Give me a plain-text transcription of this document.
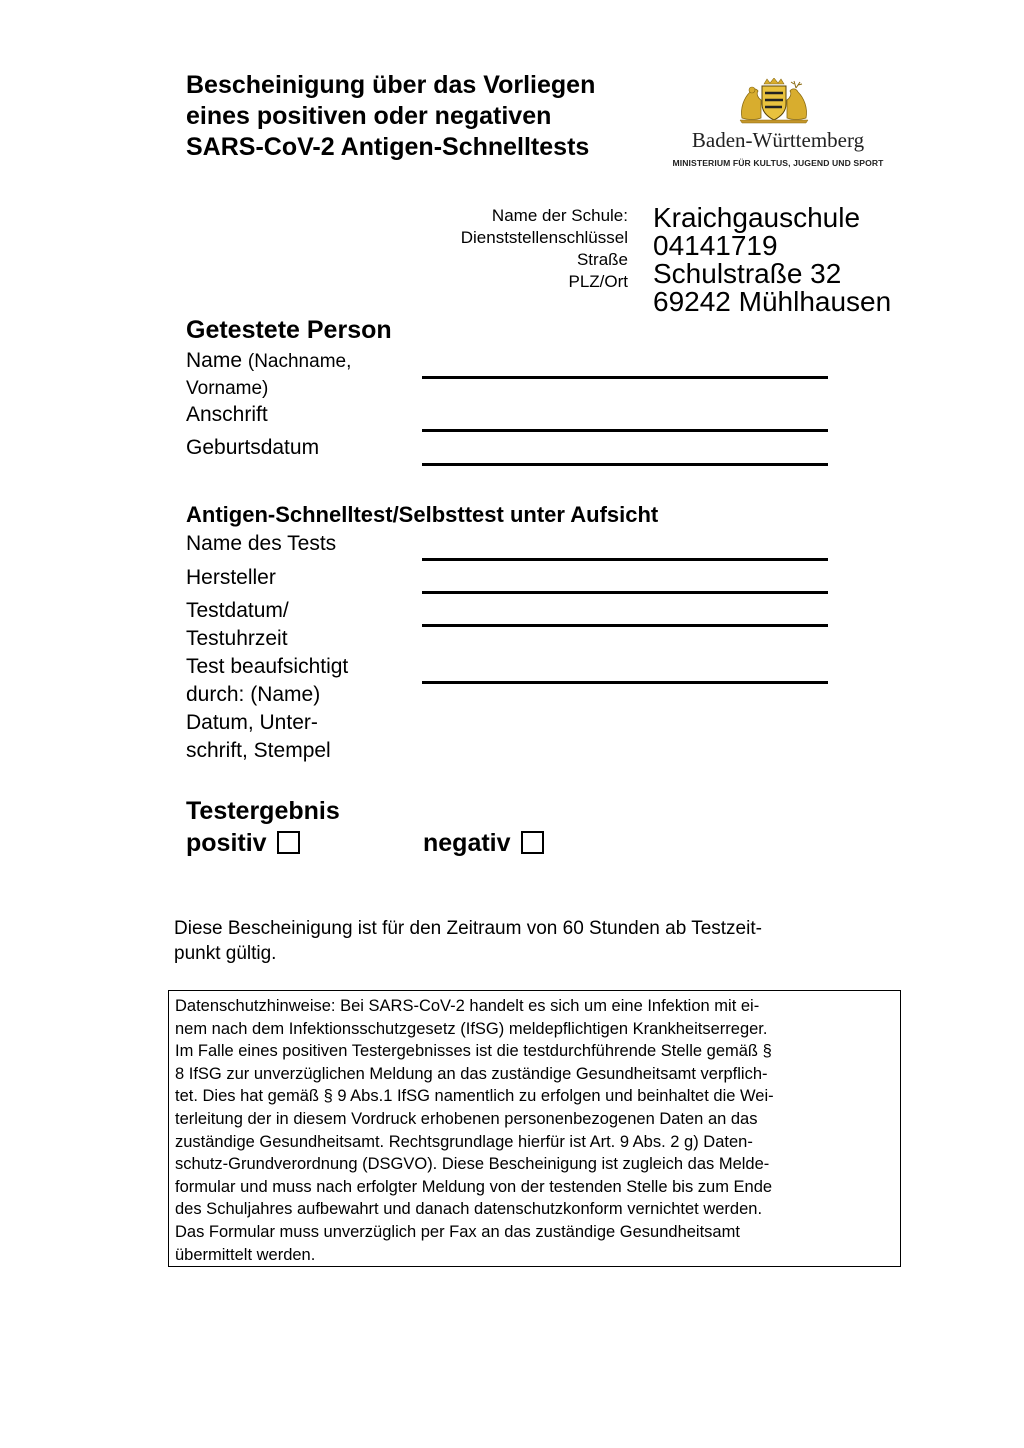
Bescheinigung über das Vorliegen
eines positiven oder negativen
SARS-CoV-2 Antigen-Schnelltests	Baden-Württemberg
MINISTERIUM FÜR KULTUS, JUGEND UND SPORT
Name der Schule:
Dienststellenschlüssel
Straße
PLZ/Ort
Kraichgauschule
04141719
Schulstraße 32
69242 Mühlhausen
Getestete Person
Name (Nachname,
Vorname)
Anschrift
Geburtsdatum
Antigen-Schnelltest/Selbsttest unter Aufsicht
Name des Tests
Hersteller
Testdatum/
Testuhrzeit
Test beaufsichtigt
durch: (Name)
Datum, Unter-
schrift, Stempel
Testergebnis
positiv	negativ
Diese Bescheinigung ist für den Zeitraum von 60 Stunden ab Testzeit-
punkt gültig.
Datenschutzhinweise: Bei SARS-CoV-2 handelt es sich um eine Infektion mit ei-
nem nach dem Infektionsschutzgesetz (IfSG) meldepflichtigen Krankheitserreger.
Im Falle eines positiven Testergebnisses ist die testdurchführende Stelle gemäß §
8 IfSG zur unverzüglichen Meldung an das zuständige Gesundheitsamt verpflich-
tet. Dies hat gemäß § 9 Abs.1 IfSG namentlich zu erfolgen und beinhaltet die Wei-
terleitung der in diesem Vordruck erhobenen personenbezogenen Daten an das
zuständige Gesundheitsamt. Rechtsgrundlage hierfür ist Art. 9 Abs. 2 g) Daten-
schutz-Grundverordnung (DSGVO). Diese Bescheinigung ist zugleich das Melde-
formular und muss nach erfolgter Meldung von der testenden Stelle bis zum Ende
des Schuljahres aufbewahrt und danach datenschutzkonform vernichtet werden.
Das Formular muss unverzüglich per Fax an das zuständige Gesundheitsamt
übermittelt werden.
